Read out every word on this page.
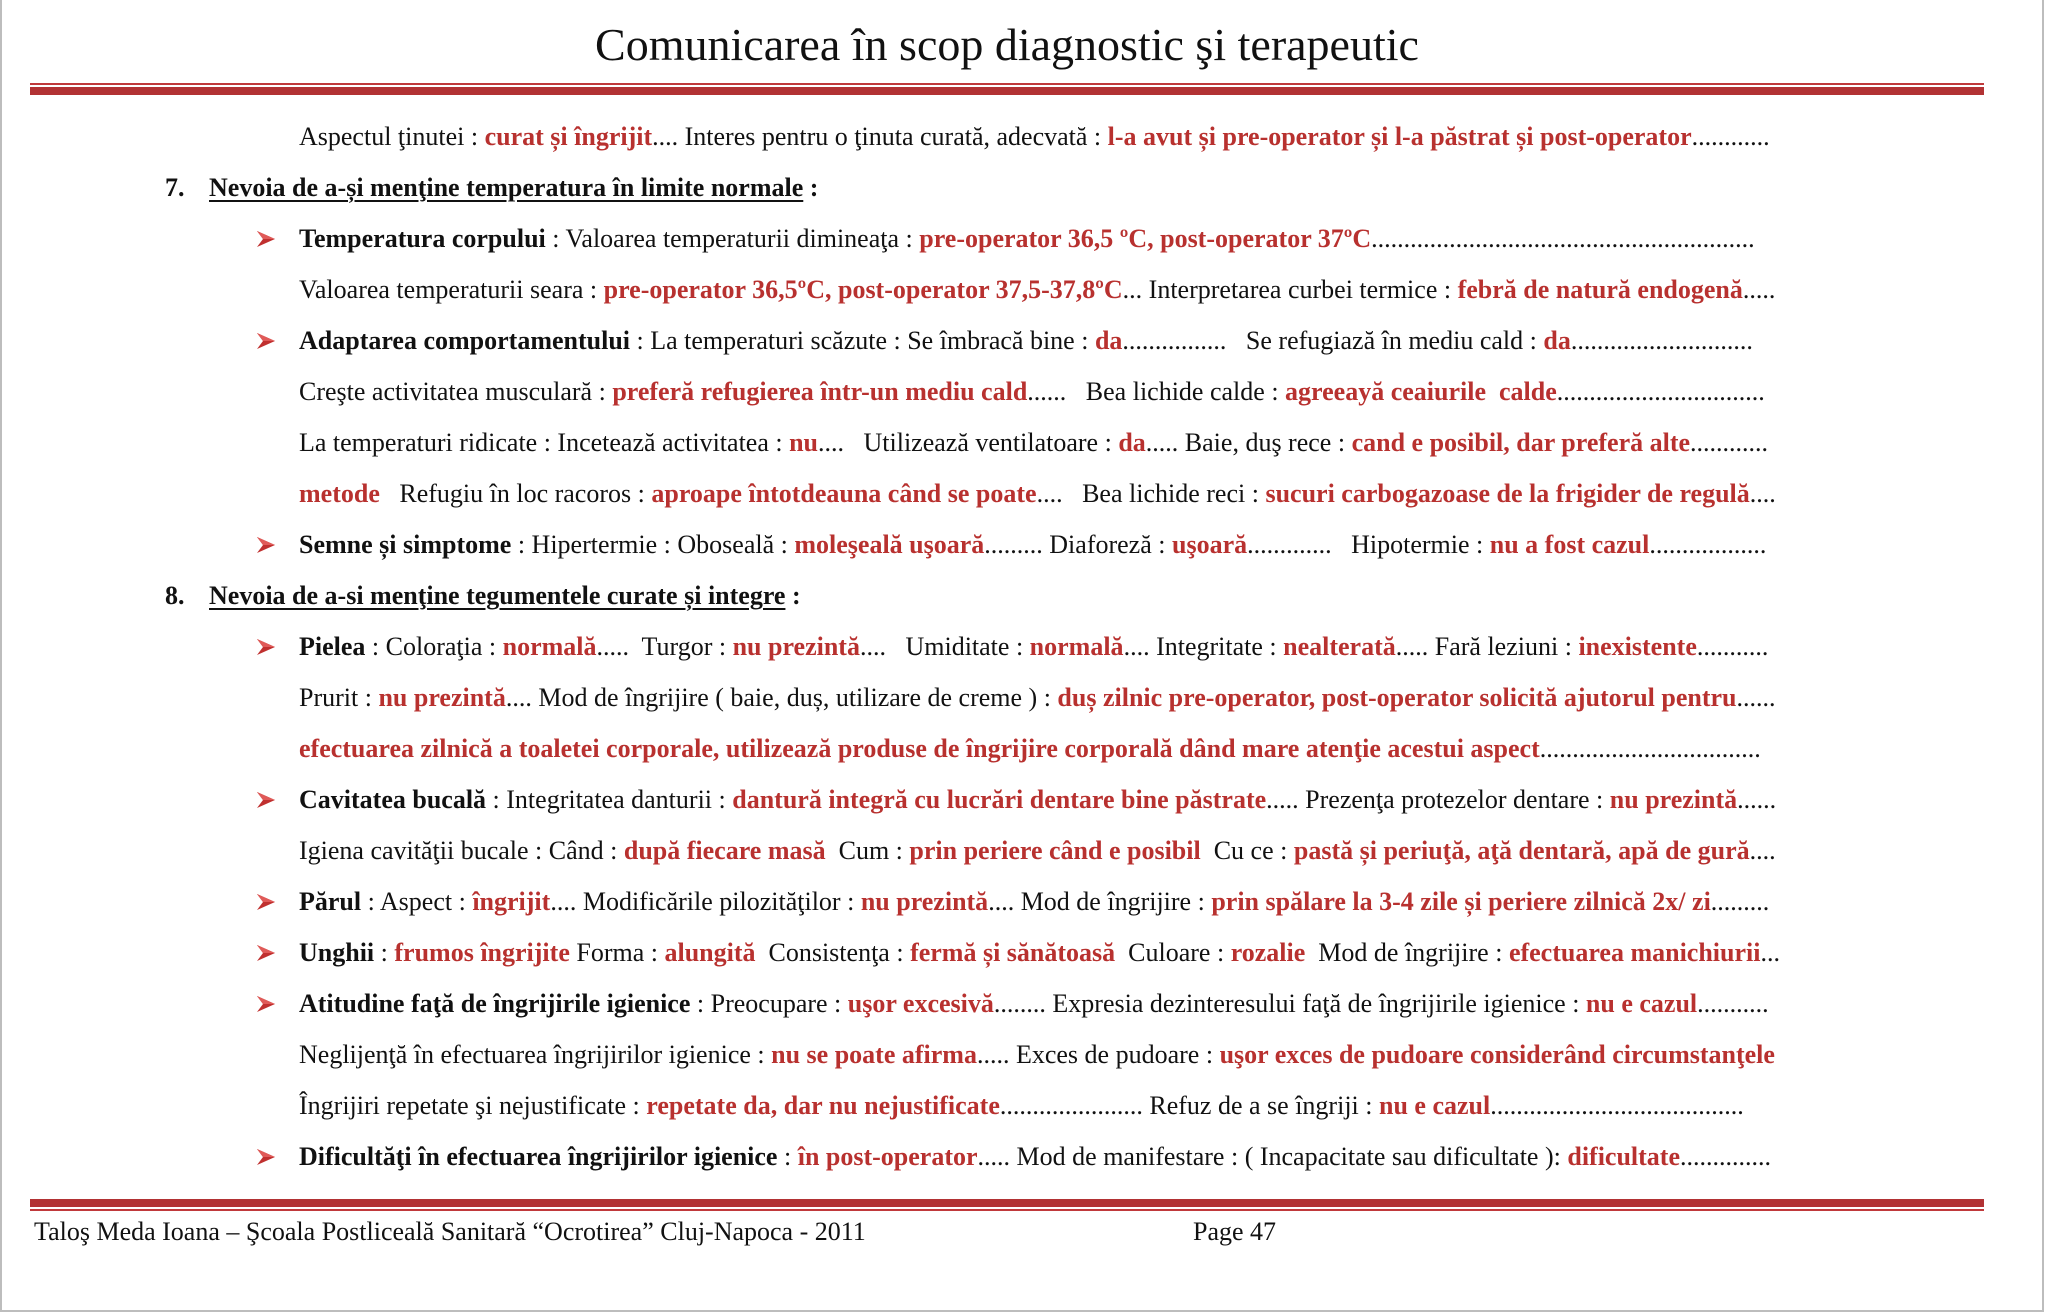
Comunicarea în scop diagnostic şi terapeutic
Aspectul ţinutei : curat și îngrijit.... Interes pentru o ţinuta curată, adecvată : l-a avut și pre-operator și l-a păstrat și post-operator............
7. Nevoia de a-și menţine temperatura în limite normale :
Temperatura corpului : Valoarea temperaturii dimineaţa : pre-operator 36,5 ºC, post-operator 37ºC...........................................................
Valoarea temperaturii seara : pre-operator 36,5ºC, post-operator 37,5-37,8ºC... Interpretarea curbei termice : febră de natură endogenă.....
Adaptarea comportamentului : La temperaturi scăzute : Se îmbracă bine : da................   Se refugiază în mediu cald : da............................
Creşte activitatea musculară : preferă refugierea într-un mediu cald......   Bea lichide calde : agreeayă ceaiurile  calde................................
La temperaturi ridicate : Incetează activitatea : nu....   Utilizează ventilatoare : da..... Baie, duş rece : cand e posibil, dar preferă alte............
metode   Refugiu în loc racoros : aproape întotdeauna când se poate....   Bea lichide reci : sucuri carbogazoase de la frigider de regulă....
Semne și simptome : Hipertermie : Oboseală : moleşeală uşoară......... Diaforeză : uşoară.............   Hipotermie : nu a fost cazul..................
8. Nevoia de a-si menţine tegumentele curate și integre :
Pielea : Coloraţia : normală.....  Turgor : nu prezintă....   Umiditate : normală.... Integritate : nealterată..... Fară leziuni : inexistente...........
Prurit : nu prezintă.... Mod de îngrijire ( baie, duș, utilizare de creme ) : duș zilnic pre-operator, post-operator solicită ajutorul pentru......
efectuarea zilnică a toaletei corporale, utilizează produse de îngrijire corporală dând mare atenţie acestui aspect..................................
Cavitatea bucală : Integritatea danturii : dantură integră cu lucrări dentare bine păstrate..... Prezenţa protezelor dentare : nu prezintă......
Igiena cavităţii bucale : Când : după fiecare masă  Cum : prin periere când e posibil  Cu ce : pastă și periuţă, aţă dentară, apă de gură....
Părul : Aspect : îngrijit.... Modificările pilozităţilor : nu prezintă.... Mod de îngrijire : prin spălare la 3-4 zile și periere zilnică 2x/ zi.........
Unghii : frumos îngrijite Forma : alungită  Consistenţa : fermă și sănătoasă  Culoare : rozalie  Mod de îngrijire : efectuarea manichiurii...
Atitudine faţă de îngrijirile igienice : Preocupare : uşor excesivă........ Expresia dezinteresului faţă de îngrijirile igienice : nu e cazul...........
Neglijenţă în efectuarea îngrijirilor igienice : nu se poate afirma..... Exces de pudoare : uşor exces de pudoare considerând circumstanţele
Îngrijiri repetate şi nejustificate : repetate da, dar nu nejustificate...................... Refuz de a se îngriji : nu e cazul.......................................
Dificultăţi în efectuarea îngrijirilor igienice : în post-operator..... Mod de manifestare : ( Incapacitate sau dificultate ): dificultate..............
Taloş Meda Ioana – Şcoala Postliceală Sanitară “Ocrotirea” Cluj-Napoca - 2011	Page 47
